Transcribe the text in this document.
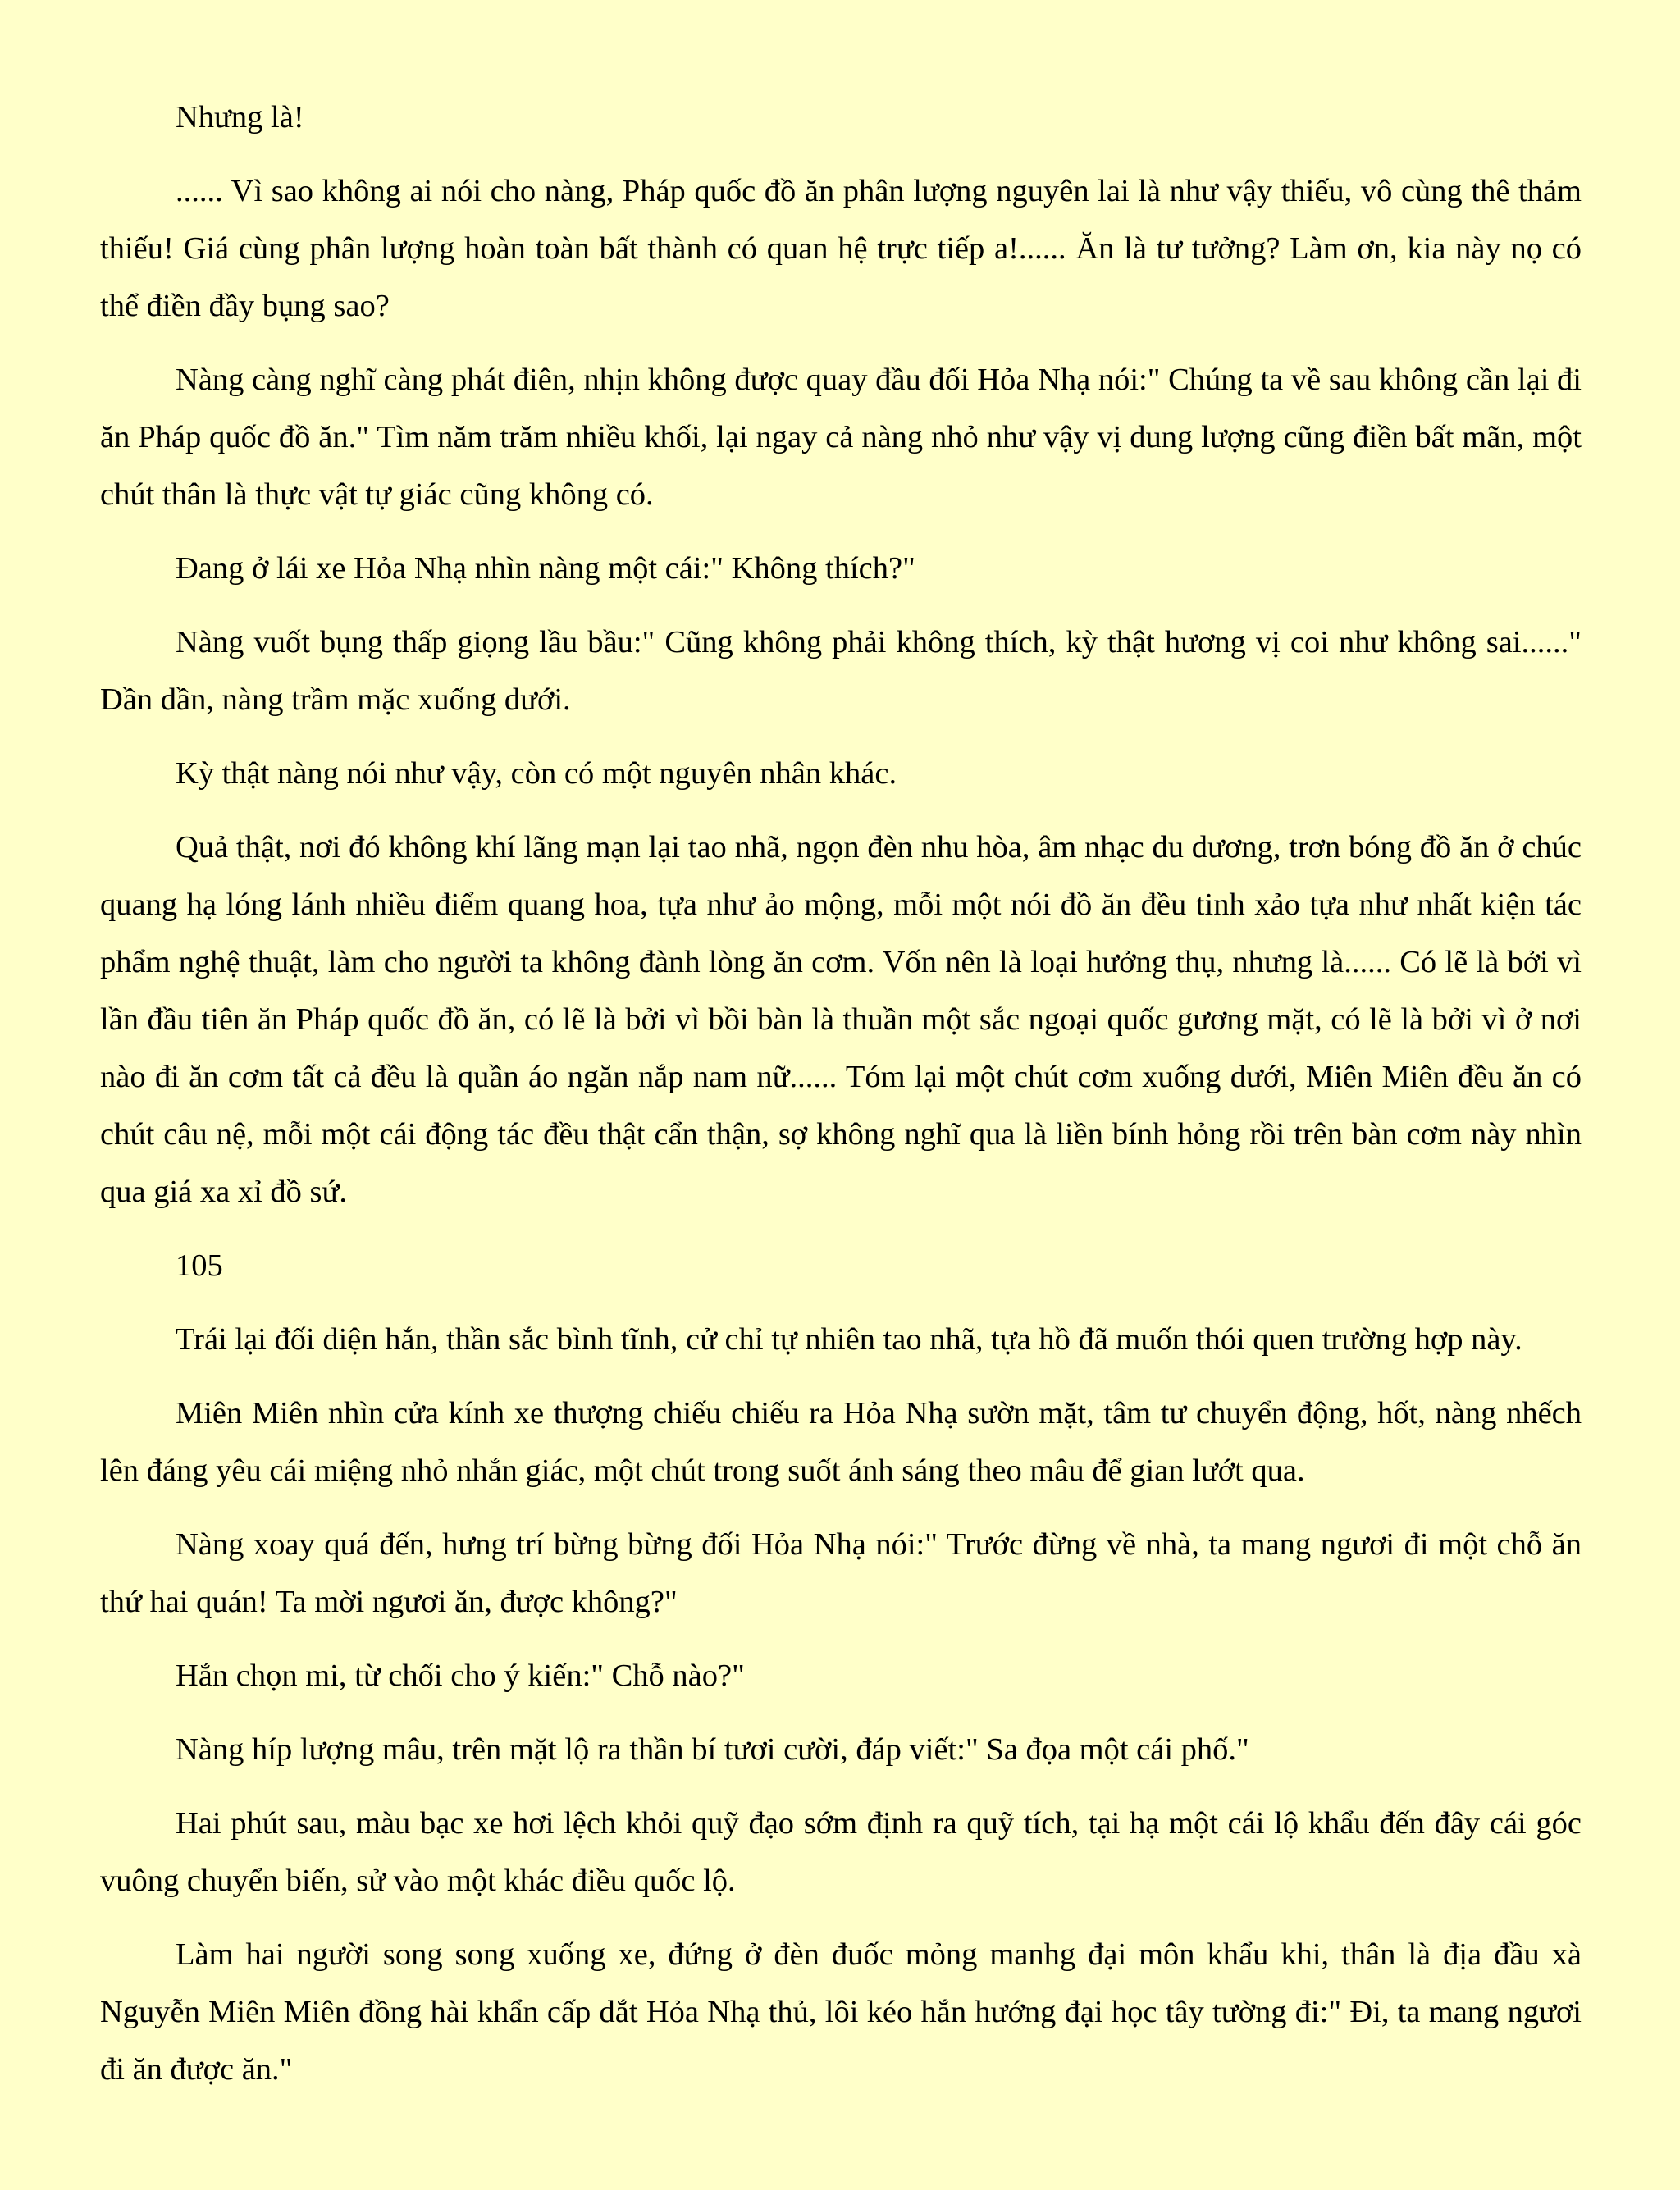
Nhưng là!

...... Vì sao không ai nói cho nàng, Pháp quốc đồ ăn phân lượng nguyên lai là như vậy thiếu, vô cùng thê thảm thiếu! Giá cùng phân lượng hoàn toàn bất thành có quan hệ trực tiếp a!...... Ăn là tư tưởng? Làm ơn, kia này nọ có thể điền đầy bụng sao?

Nàng càng nghĩ càng phát điên, nhịn không được quay đầu đối Hỏa Nhạ nói:" Chúng ta về sau không cần lại đi ăn Pháp quốc đồ ăn." Tìm năm trăm nhiều khối, lại ngay cả nàng nhỏ như vậy vị dung lượng cũng điền bất mãn, một chút thân là thực vật tự giác cũng không có.

Đang ở lái xe Hỏa Nhạ nhìn nàng một cái:" Không thích?"

Nàng vuốt bụng thấp giọng lầu bầu:" Cũng không phải không thích, kỳ thật hương vị coi như không sai......" Dần dần, nàng trầm mặc xuống dưới.

Kỳ thật nàng nói như vậy, còn có một nguyên nhân khác.

Quả thật, nơi đó không khí lãng mạn lại tao nhã, ngọn đèn nhu hòa, âm nhạc du dương, trơn bóng đồ ăn ở chúc quang hạ lóng lánh nhiều điểm quang hoa, tựa như ảo mộng, mỗi một nói đồ ăn đều tinh xảo tựa như nhất kiện tác phẩm nghệ thuật, làm cho người ta không đành lòng ăn cơm. Vốn nên là loại hưởng thụ, nhưng là...... Có lẽ là bởi vì lần đầu tiên ăn Pháp quốc đồ ăn, có lẽ là bởi vì bồi bàn là thuần một sắc ngoại quốc gương mặt, có lẽ là bởi vì ở nơi nào đi ăn cơm tất cả đều là quần áo ngăn nắp nam nữ...... Tóm lại một chút cơm xuống dưới, Miên Miên đều ăn có chút câu nệ, mỗi một cái động tác đều thật cẩn thận, sợ không nghĩ qua là liền bính hỏng rồi trên bàn cơm này nhìn qua giá xa xỉ đồ sứ.

105

Trái lại đối diện hắn, thần sắc bình tĩnh, cử chỉ tự nhiên tao nhã, tựa hồ đã muốn thói quen trường hợp này.

Miên Miên nhìn cửa kính xe thượng chiếu chiếu ra Hỏa Nhạ sườn mặt, tâm tư chuyển động, hốt, nàng nhếch lên đáng yêu cái miệng nhỏ nhắn giác, một chút trong suốt ánh sáng theo mâu để gian lướt qua.

Nàng xoay quá đến, hưng trí bừng bừng đối Hỏa Nhạ nói:" Trước đừng về nhà, ta mang ngươi đi một chỗ ăn thứ hai quán! Ta mời ngươi ăn, được không?"

Hắn chọn mi, từ chối cho ý kiến:" Chỗ nào?"

Nàng híp lượng mâu, trên mặt lộ ra thần bí tươi cười, đáp viết:" Sa đọa một cái phố."

Hai phút sau, màu bạc xe hơi lệch khỏi quỹ đạo sớm định ra quỹ tích, tại hạ một cái lộ khẩu đến đây cái góc vuông chuyển biến, sử vào một khác điều quốc lộ.

Làm hai người song song xuống xe, đứng ở đèn đuốc mỏng manhg đại môn khẩu khi, thân là địa đầu xà Nguyễn Miên Miên đồng hài khẩn cấp dắt Hỏa Nhạ thủ, lôi kéo hắn hướng đại học tây tường đi:" Đi, ta mang ngươi đi ăn được ăn."
